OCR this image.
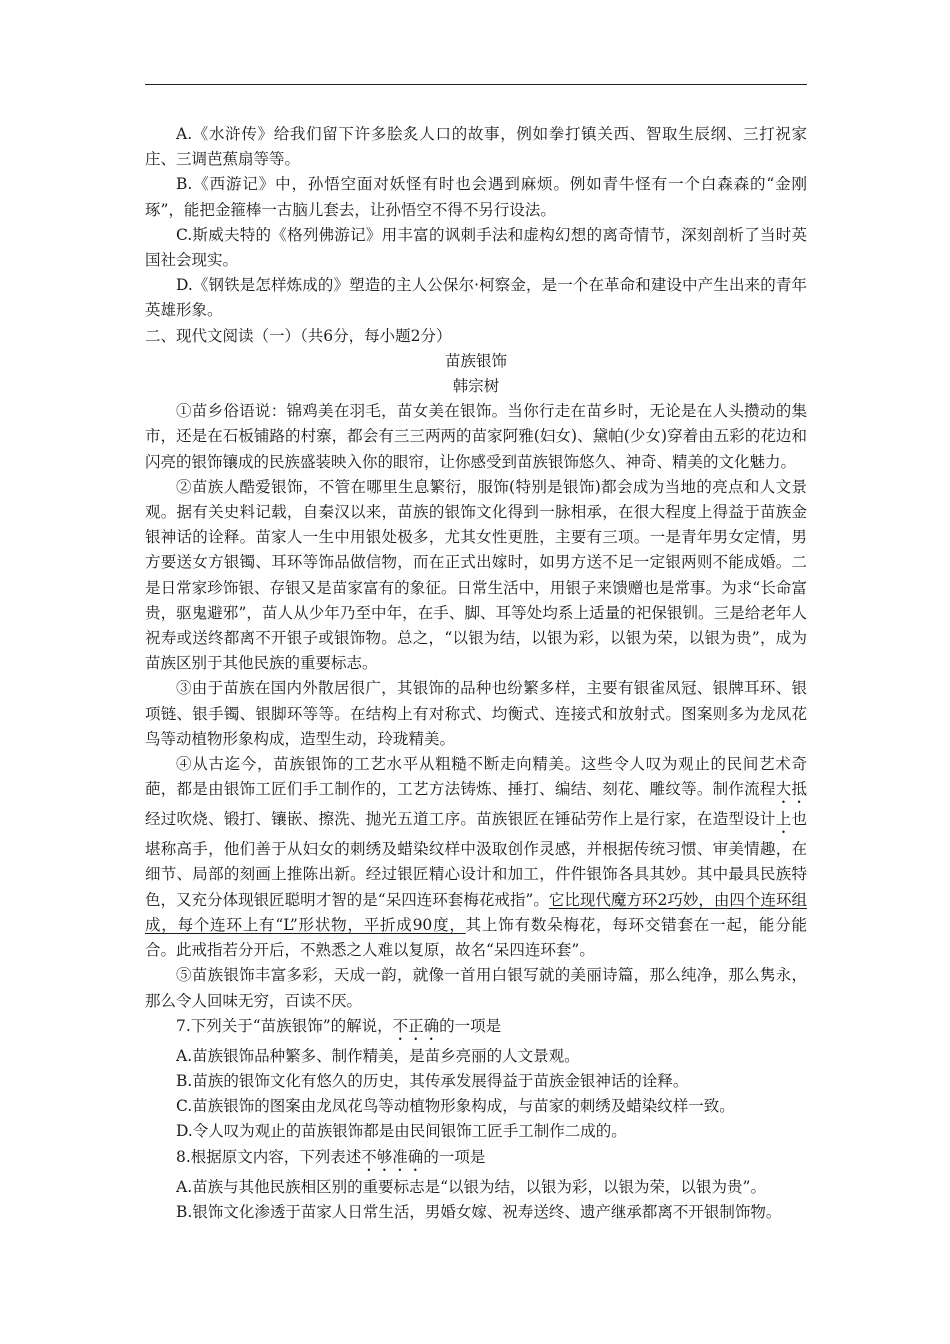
A.《水浒传》给我们留下许多脍炙人口的故事，例如拳打镇关西、智取生辰纲、三打祝家庄、三调芭蕉扇等等。

B.《西游记》中，孙悟空面对妖怪有时也会遇到麻烦。例如青牛怪有一个白森森的“金刚琢”，能把金箍棒一古脑儿套去，让孙悟空不得不另行设法。

C.斯威夫特的《格列佛游记》用丰富的讽刺手法和虚构幻想的离奇情节，深刻剖析了当时英国社会现实。

D.《钢铁是怎样炼成的》塑造的主人公保尔·柯察金，是一个在革命和建设中产生出来的青年英雄形象。

二、现代文阅读（一）（共6分，每小题2分）

苗族银饰

韩宗树

①苗乡俗语说：锦鸡美在羽毛，苗女美在银饰。当你行走在苗乡时，无论是在人头攒动的集市，还是在石板铺路的村寨，都会有三三两两的苗家阿雅(妇女)、黛帕(少女)穿着由五彩的花边和闪亮的银饰镶成的民族盛装映入你的眼帘，让你感受到苗族银饰悠久、神奇、精美的文化魅力。

②苗族人酷爱银饰，不管在哪里生息繁衍，服饰(特别是银饰)都会成为当地的亮点和人文景观。据有关史料记载，自秦汉以来，苗族的银饰文化得到一脉相承，在很大程度上得益于苗族金银神话的诠释。苗家人一生中用银处极多，尤其女性更胜，主要有三项。一是青年男女定情，男方要送女方银镯、耳环等饰品做信物，而在正式出嫁时，如男方送不足一定银两则不能成婚。二是日常家珍饰银、存银又是苗家富有的象征。日常生活中，用银子来馈赠也是常事。为求“长命富贵，驱鬼避邪”，苗人从少年乃至中年，在手、脚、耳等处均系上适量的祀保银钏。三是给老年人祝寿或送终都离不开银子或银饰物。总之，“以银为结，以银为彩，以银为荣，以银为贵”，成为苗族区别于其他民族的重要标志。

③由于苗族在国内外散居很广，其银饰的品种也纷繁多样，主要有银雀凤冠、银牌耳环、银项链、银手镯、银脚环等等。在结构上有对称式、均衡式、连接式和放射式。图案则多为龙凤花鸟等动植物形象构成，造型生动，玲珑精美。

④从古迄今，苗族银饰的工艺水平从粗糙不断走向精美。这些令人叹为观止的民间艺术奇葩，都是由银饰工匠们手工制作的，工艺方法铸炼、捶打、编结、刻花、雕纹等。制作流程大抵经过吹烧、锻打、镶嵌、擦洗、抛光五道工序。苗族银匠在锤砧劳作上是行家，在造型设计上也堪称高手，他们善于从妇女的刺绣及蜡染纹样中汲取创作灵感，并根据传统习惯、审美情趣，在细节、局部的刻画上推陈出新。经过银匠精心设计和加工，件件银饰各具其妙。其中最具民族特色，又充分体现银匠聪明才智的是“呆四连环套梅花戒指”。它比现代魔方环2巧妙，由四个连环组成，每个连环上有“L”形状物，平折成90度，其上饰有数朵梅花，每环交错套在一起，能分能合。此戒指若分开后，不熟悉之人难以复原，故名“呆四连环套”。

⑤苗族银饰丰富多彩，天成一韵，就像一首用白银写就的美丽诗篇，那么纯净，那么隽永，那么令人回味无穷，百读不厌。

7.下列关于“苗族银饰”的解说，不正确的一项是

A.苗族银饰品种繁多、制作精美，是苗乡亮丽的人文景观。

B.苗族的银饰文化有悠久的历史，其传承发展得益于苗族金银神话的诠释。

C.苗族银饰的图案由龙凤花鸟等动植物形象构成，与苗家的刺绣及蜡染纹样一致。

D.令人叹为观止的苗族银饰都是由民间银饰工匠手工制作二成的。

8.根据原文内容，下列表述不够准确的一项是

A.苗族与其他民族相区别的重要标志是“以银为结，以银为彩，以银为荣，以银为贵”。

B.银饰文化渗透于苗家人日常生活，男婚女嫁、祝寿送终、遗产继承都离不开银制饰物。
